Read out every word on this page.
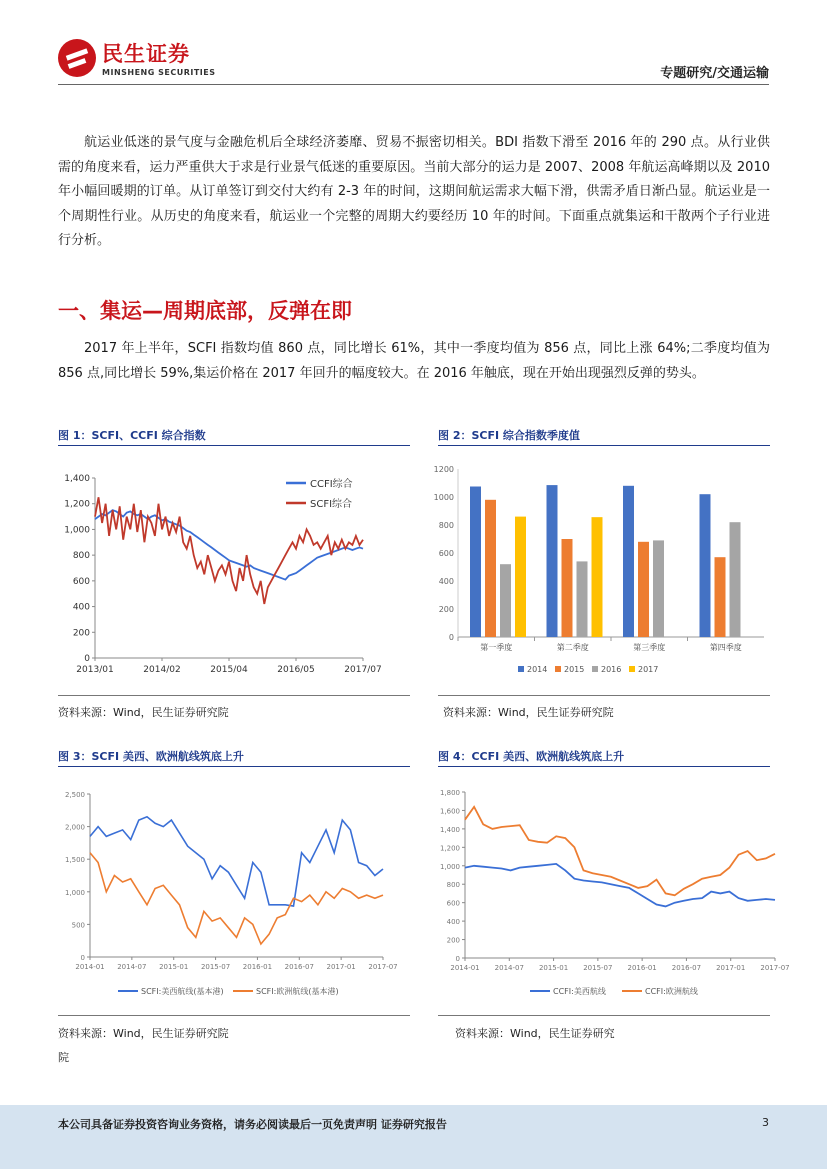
民生证券
MINSHENG SECURITIES	专题研究/交通运输
航运业低迷的景气度与金融危机后全球经济萎靡、贸易不振密切相关。BDI 指数下滑至 2016 年的 290 点。从行业供需的角度来看，运力严重供大于求是行业景气低迷的重要原因。当前大部分的运力是 2007、2008 年航运高峰期以及 2010 年小幅回暖期的订单。从订单签订到交付大约有 2-3 年的时间，这期间航运需求大幅下滑，供需矛盾日渐凸显。航运业是一个周期性行业。从历史的角度来看，航运业一个完整的周期大约要经历 10 年的时间。下面重点就集运和干散两个子行业进行分析。
一、集运—周期底部，反弹在即
2017 年上半年，SCFI 指数均值 860 点，同比增长 61%，其中一季度均值为 856 点，同比上涨 64%;二季度均值为 856 点,同比增长 59%,集运价格在 2017 年回升的幅度较大。在 2016 年触底，现在开始出现强烈反弹的势头。
图 1：SCFI、CCFI 综合指数
0
200
400
600
800
1,000
1,200
1,400
2013/01	2014/02	2015/04	2016/05	2017/07
CCFI综合
SCFI综合
资料来源：Wind，民生证券研究院
图 2：SCFI 综合指数季度值
0
200
400
600
800
1000
1200
第一季度	第二季度	第三季度	第四季度
2014 2015 2016 2017
资料来源：Wind，民生证券研究院
图 3：SCFI 美西、欧洲航线筑底上升
0
500
1,000
1,500
2,000
2,500
2014-01 2014-07 2015-01 2015-07 2016-01 2016-07 2017-01 2017-07
SCFI:美西航线(基本港)	SCFI:欧洲航线(基本港)
资料来源：Wind，民生证券研究院
院
图 4：CCFI 美西、欧洲航线筑底上升
0
200
400
600
800
1,000
1,200
1,400
1,600
1,800
2014-01 2014-07 2015-01 2015-07 2016-01 2016-07 2017-01 2017-07
CCFI:美西航线	CCFI:欧洲航线
资料来源：Wind，民生证券研究
本公司具备证券投资咨询业务资格，请务必阅读最后一页免责声明 证券研究报告	3
